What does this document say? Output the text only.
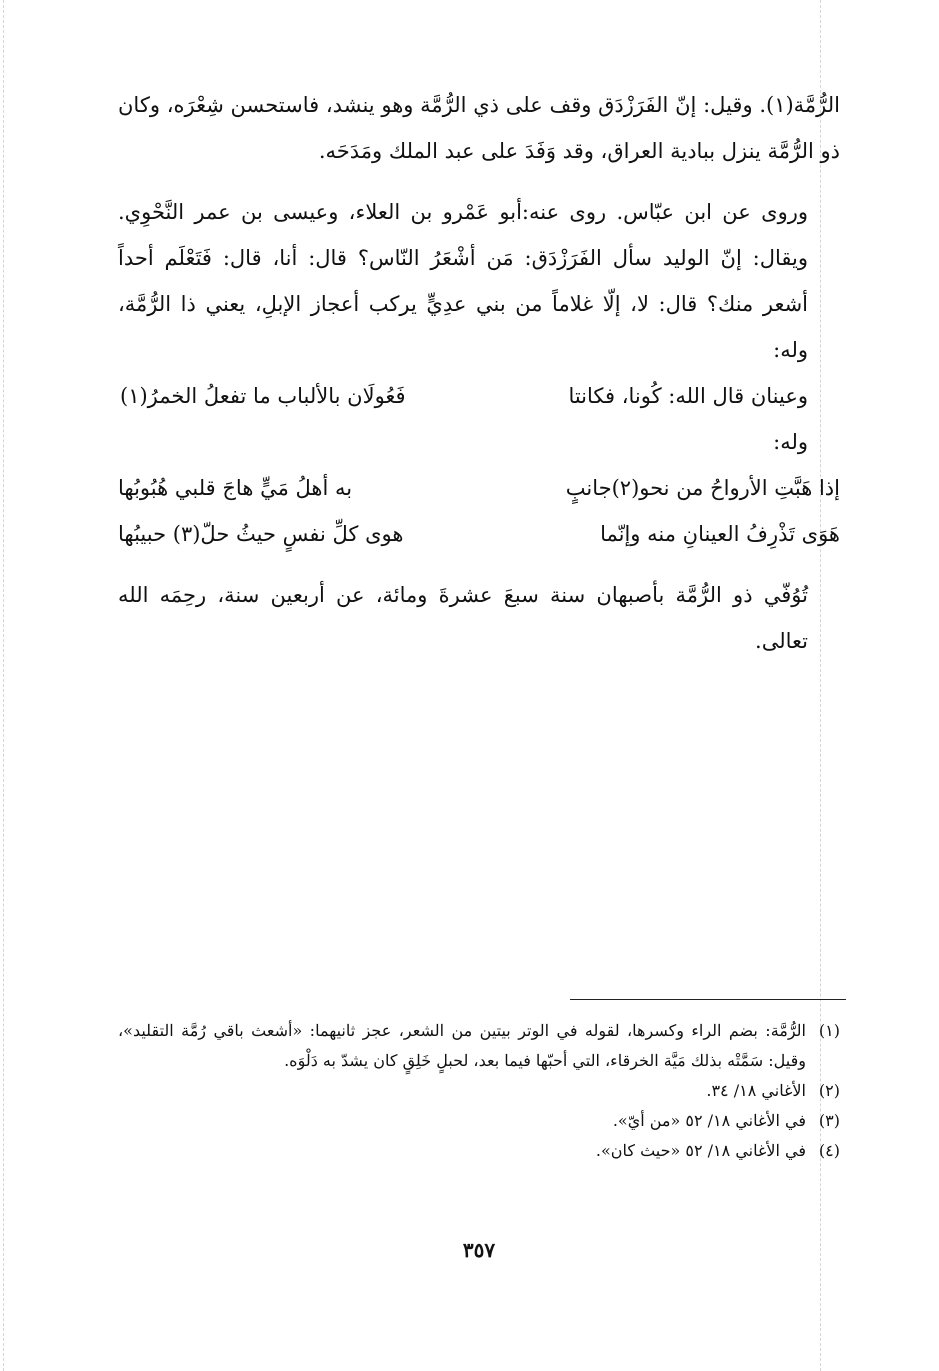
الرُّمَّة(١). وقيل: إنّ الفَرَزْدَق وقف على ذي الرُّمَّة وهو ينشد، فاستحسن شِعْرَه، وكان ذو الرُّمَّة ينزل ببادية العراق، وقد وَفَدَ على عبد الملك ومَدَحَه.

وروى عن ابن عبّاس. روى عنه:أبو عَمْرو بن العلاء، وعيسى بن عمر النَّحْوِي. ويقال: إنّ الوليد سأل الفَرَزْدَق: مَن أشْعَرُ النّاس؟ قال: أنا، قال: فَتَعْلَم أحداً أشعر منك؟ قال: لا، إلّا غلاماً من بني عدِيٍّ يركب أعجاز الإبلِ، يعني ذا الرُّمَّة، وله:

وعينان قال الله: كُونا، فكانتا
فَعُولَان بالألباب ما تفعلُ الخمرُ(١)

وله:

إذا هَبَّتِ الأرواحُ من نحو(٢)جانبٍ
به أهلُ مَيٍّ هاجَ قلبي هُبُوبُها
هَوَى تَذْرِفُ العينانِ منه وإنّما
هوى كلِّ نفسٍ حيثُ حلّ(٣) حبيبُها

تُوُفّي ذو الرُّمَّة بأصبهان سنة سبعَ عشرةَ ومائة، عن أربعين سنة، رحِمَه الله تعالى.

(١)
الرُّمَّة: بضم الراء وكسرها، لقوله في الوتر بيتين من الشعر، عجز ثانيهما: «أشعث باقي رُمَّة التقليد»، وقيل: سَمَّتْه بذلك مَيَّة الخرقاء، التي أحبّها فيما بعد، لحبلٍ خَلِقٍ كان يشدّ به دَلْوَه.
(٢)
الأغاني ١٨/ ٣٤.
(٣)
في الأغاني ١٨/ ٥٢ «من أيّ».
(٤)
في الأغاني ١٨/ ٥٢ «حيث كان».
٣٥٧
